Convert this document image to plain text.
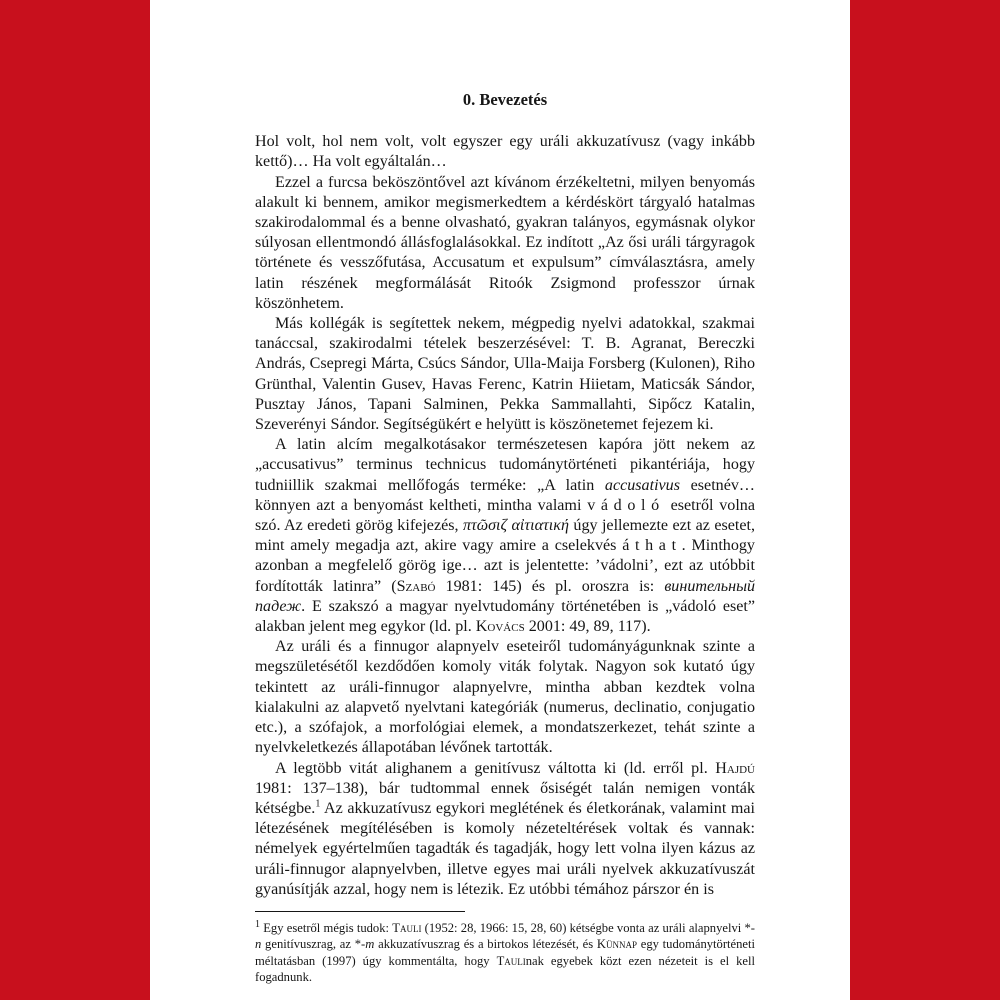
0. Bevezetés

Hol volt, hol nem volt, volt egyszer egy uráli akkuzatívusz (vagy inkább kettő)… Ha volt egyáltalán…

Ezzel a furcsa beköszöntővel azt kívánom érzékeltetni, milyen benyomás alakult ki bennem, amikor megismerkedtem a kérdéskört tárgyaló hatalmas szakirodalommal és a benne olvasható, gyakran talányos, egymásnak olykor súlyosan ellentmondó állásfoglalásokkal. Ez indított „Az ősi uráli tárgyragok története és vesszőfutása, Accusatum et expulsum” címválasztásra, amely latin részének megformálását Ritoók Zsigmond professzor úrnak köszönhetem.

Más kollégák is segítettek nekem, mégpedig nyelvi adatokkal, szakmai tanáccsal, szakirodalmi tételek beszerzésével: T. B. Agranat, Bereczki András, Csepregi Márta, Csúcs Sándor, Ulla-Maija Forsberg (Kulonen), Riho Grünthal, Valentin Gusev, Havas Ferenc, Katrin Hiietam, Maticsák Sándor, Pusztay János, Tapani Salminen, Pekka Sammallahti, Sipőcz Katalin, Szeverényi Sándor. Segítségükért e helyütt is köszönetemet fejezem ki.

A latin alcím megalkotásakor természetesen kapóra jött nekem az „accusativus” terminus technicus tudománytörténeti pikantériája, hogy tudniillik szakmai mellőfogás terméke: „A latin accusativus esetnév… könnyen azt a benyomást keltheti, mintha valami vádoló esetről volna szó. Az eredeti görög kifejezés, πτῶσιζ αἰτιατική úgy jellemezte ezt az esetet, mint amely megadja azt, akire vagy amire a cselekvés áthat. Minthogy azonban a megfelelő görög ige… azt is jelentette: ’vádolni’, ezt az utóbbit fordították latinra” (Szabó 1981: 145) és pl. oroszra is: винительный падеж. E szakszó a magyar nyelvtudomány történetében is „vádoló eset” alakban jelent meg egykor (ld. pl. Kovács 2001: 49, 89, 117).

Az uráli és a finnugor alapnyelv eseteiről tudományágunknak szinte a megszületésétől kezdődően komoly viták folytak. Nagyon sok kutató úgy tekintett az uráli-finnugor alapnyelvre, mintha abban kezdtek volna kialakulni az alapvető nyelvtani kategóriák (numerus, declinatio, conjugatio etc.), a szófajok, a morfológiai elemek, a mondatszerkezet, tehát szinte a nyelvkeletkezés állapotában lévőnek tartották.

A legtöbb vitát alighanem a genitívusz váltotta ki (ld. erről pl. Hajdú 1981: 137–138), bár tudtommal ennek ősiségét talán nemigen vonták kétségbe.$^1$ Az akkuzatívusz egykori meglétének és életkorának, valamint mai létezésének megítélésében is komoly nézeteltérések voltak és vannak: némelyek egyértelműen tagadták és tagadják, hogy lett volna ilyen kázus az uráli-finnugor alapnyelvben, illetve egyes mai uráli nyelvek akkuzatívuszát gyanúsítják azzal, hogy nem is létezik. Ez utóbbi témához párszor én is

$^1$ Egy esetről mégis tudok: Tauli (1952: 28, 1966: 15, 28, 60) kétségbe vonta az uráli alapnyelvi *-n genitívuszrag, az *-m akkuzatívuszrag és a birtokos létezését, és Künnap egy tudománytörténeti méltatásban (1997) úgy kommentálta, hogy Taulinak egyebek közt ezen nézeteit is el kell fogadnunk.
